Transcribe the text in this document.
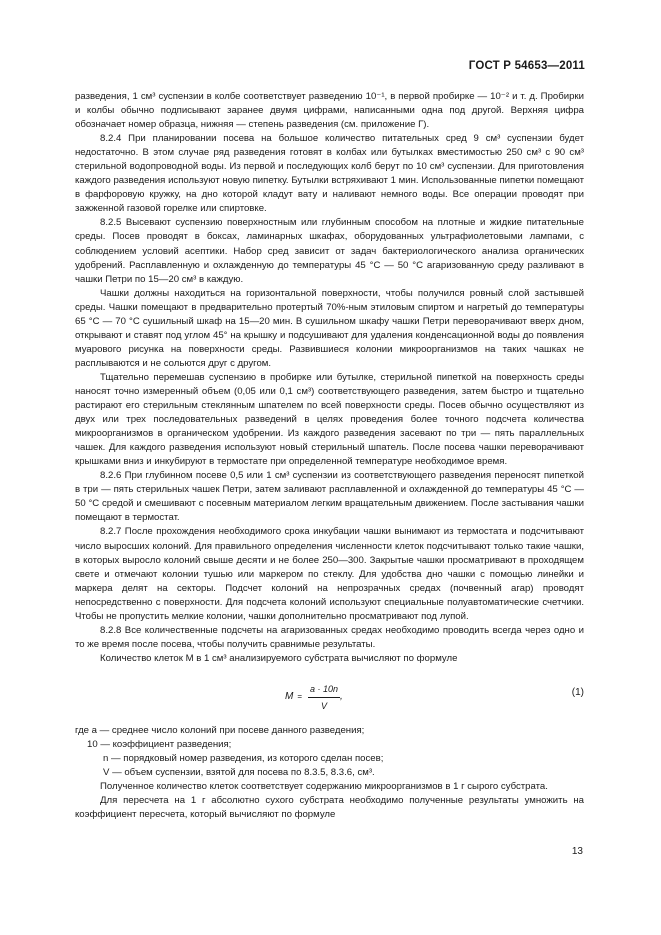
ГОСТ Р 54653—2011

разведения, 1 см³ суспензии в колбе соответствует разведению 10⁻¹, в первой пробирке — 10⁻² и т. д. Пробирки и колбы обычно подписывают заранее двумя цифрами, написанными одна под другой. Верхняя цифра обозначает номер образца, нижняя — степень разведения (см. приложение Г).

8.2.4 При планировании посева на большое количество питательных сред 9 см³ суспензии будет недостаточно. В этом случае ряд разведения готовят в колбах или бутылках вместимостью 250 см³ с 90 см³ стерильной водопроводной воды. Из первой и последующих колб берут по 10 см³ суспензии. Для приготовления каждого разведения используют новую пипетку. Бутылки встряхивают 1 мин. Использованные пипетки помещают в фарфоровую кружку, на дно которой кладут вату и наливают немного воды. Все операции проводят при зажженной газовой горелке или спиртовке.

8.2.5 Высевают суспензию поверхностным или глубинным способом на плотные и жидкие питательные среды. Посев проводят в боксах, ламинарных шкафах, оборудованных ультрафиолетовыми лампами, с соблюдением условий асептики. Набор сред зависит от задач бактериологического анализа органических удобрений. Расплавленную и охлажденную до температуры 45 °С — 50 °С агаризованную среду разливают в чашки Петри по 15—20 см³ в каждую.

Чашки должны находиться на горизонтальной поверхности, чтобы получился ровный слой застывшей среды. Чашки помещают в предварительно протертый 70%-ным этиловым спиртом и нагретый до температуры 65 °С — 70 °С сушильный шкаф на 15—20 мин. В сушильном шкафу чашки Петри переворачивают вверх дном, открывают и ставят под углом 45° на крышку и подсушивают для удаления конденсационной воды до появления муарового рисунка на поверхности среды. Развившиеся колонии микроорганизмов на таких чашках не расплываются и не сольются друг с другом.

Тщательно перемешав суспензию в пробирке или бутылке, стерильной пипеткой на поверхность среды наносят точно измеренный объем (0,05 или 0,1 см³) соответствующего разведения, затем быстро и тщательно растирают его стерильным стеклянным шпателем по всей поверхности среды. Посев обычно осуществляют из двух или трех последовательных разведений в целях проведения более точного подсчета количества микроорганизмов в органическом удобрении. Из каждого разведения засевают по три — пять параллельных чашек. Для каждого разведения используют новый стерильный шпатель. После посева чашки переворачивают крышками вниз и инкубируют в термостате при определенной температуре необходимое время.

8.2.6 При глубинном посеве 0,5 или 1 см³ суспензии из соответствующего разведения переносят пипеткой в три — пять стерильных чашек Петри, затем заливают расплавленной и охлажденной до температуры 45 °С — 50 °С средой и смешивают с посевным материалом легким вращательным движением. После застывания чашки помещают в термостат.

8.2.7 После прохождения необходимого срока инкубации чашки вынимают из термостата и подсчитывают число выросших колоний. Для правильного определения численности клеток подсчитывают только такие чашки, в которых выросло колоний свыше десяти и не более 250—300. Закрытые чашки просматривают в проходящем свете и отмечают колонии тушью или маркером по стеклу. Для удобства дно чашки с помощью линейки и маркера делят на секторы. Подсчет колоний на непрозрачных средах (почвенный агар) проводят непосредственно с поверхности. Для подсчета колоний используют специальные полуавтоматические счетчики. Чтобы не пропустить мелкие колонии, чашки дополнительно просматривают под лупой.

8.2.8 Все количественные подсчеты на агаризованных средах необходимо проводить всегда через одно и то же время после посева, чтобы получить сравнимые результаты.

Количество клеток M в 1 см³ анализируемого субстрата вычисляют по формуле

$M = \frac{a \cdot 10n}{V}$ ,	(1)
где a — среднее число колоний при посеве данного разведения;
10 — коэффициент разведения;
n — порядковый номер разведения, из которого сделан посев;
V — объем суспензии, взятой для посева по 8.3.5, 8.3.6, см³.

Полученное количество клеток соответствует содержанию микроорганизмов в 1 г сырого субстрата.

Для пересчета на 1 г абсолютно сухого субстрата необходимо полученные результаты умножить на коэффициент пересчета, который вычисляют по формуле

13
